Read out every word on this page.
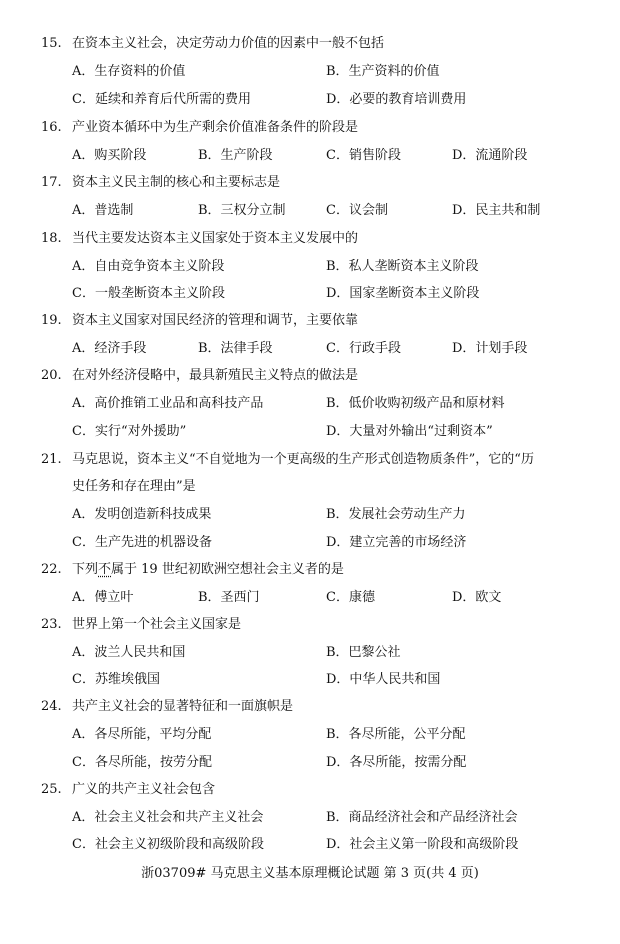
15. 在资本主义社会，决定劳动力价值的因素中一般不包括
A．生存资料的价值	B．生产资料的价值
C．延续和养育后代所需的费用	D．必要的教育培训费用
16. 产业资本循环中为生产剩余价值准备条件的阶段是
A．购买阶段	B．生产阶段	C．销售阶段	D．流通阶段
17. 资本主义民主制的核心和主要标志是
A．普选制	B．三权分立制	C．议会制	D．民主共和制
18. 当代主要发达资本主义国家处于资本主义发展中的
A．自由竞争资本主义阶段	B．私人垄断资本主义阶段
C．一般垄断资本主义阶段	D．国家垄断资本主义阶段
19. 资本主义国家对国民经济的管理和调节，主要依靠
A．经济手段	B．法律手段	C．行政手段	D．计划手段
20. 在对外经济侵略中，最具新殖民主义特点的做法是
A．高价推销工业品和高科技产品	B．低价收购初级产品和原材料
C．实行“对外援助”	D．大量对外输出“过剩资本”
21. 马克思说，资本主义“不自觉地为一个更高级的生产形式创造物质条件”，它的“历
史任务和存在理由”是
A．发明创造新科技成果	B．发展社会劳动生产力
C．生产先进的机器设备	D．建立完善的市场经济
22. 下列不属于 19 世纪初欧洲空想社会主义者的是
A．傅立叶	B．圣西门	C．康德	D．欧文
23. 世界上第一个社会主义国家是
A．波兰人民共和国	B．巴黎公社
C．苏维埃俄国	D．中华人民共和国
24. 共产主义社会的显著特征和一面旗帜是
A．各尽所能，平均分配	B．各尽所能，公平分配
C．各尽所能，按劳分配	D．各尽所能，按需分配
25. 广义的共产主义社会包含
A．社会主义社会和共产主义社会	B．商品经济社会和产品经济社会
C．社会主义初级阶段和高级阶段	D．社会主义第一阶段和高级阶段
浙03709# 马克思主义基本原理概论试题 第 3 页(共 4 页)
